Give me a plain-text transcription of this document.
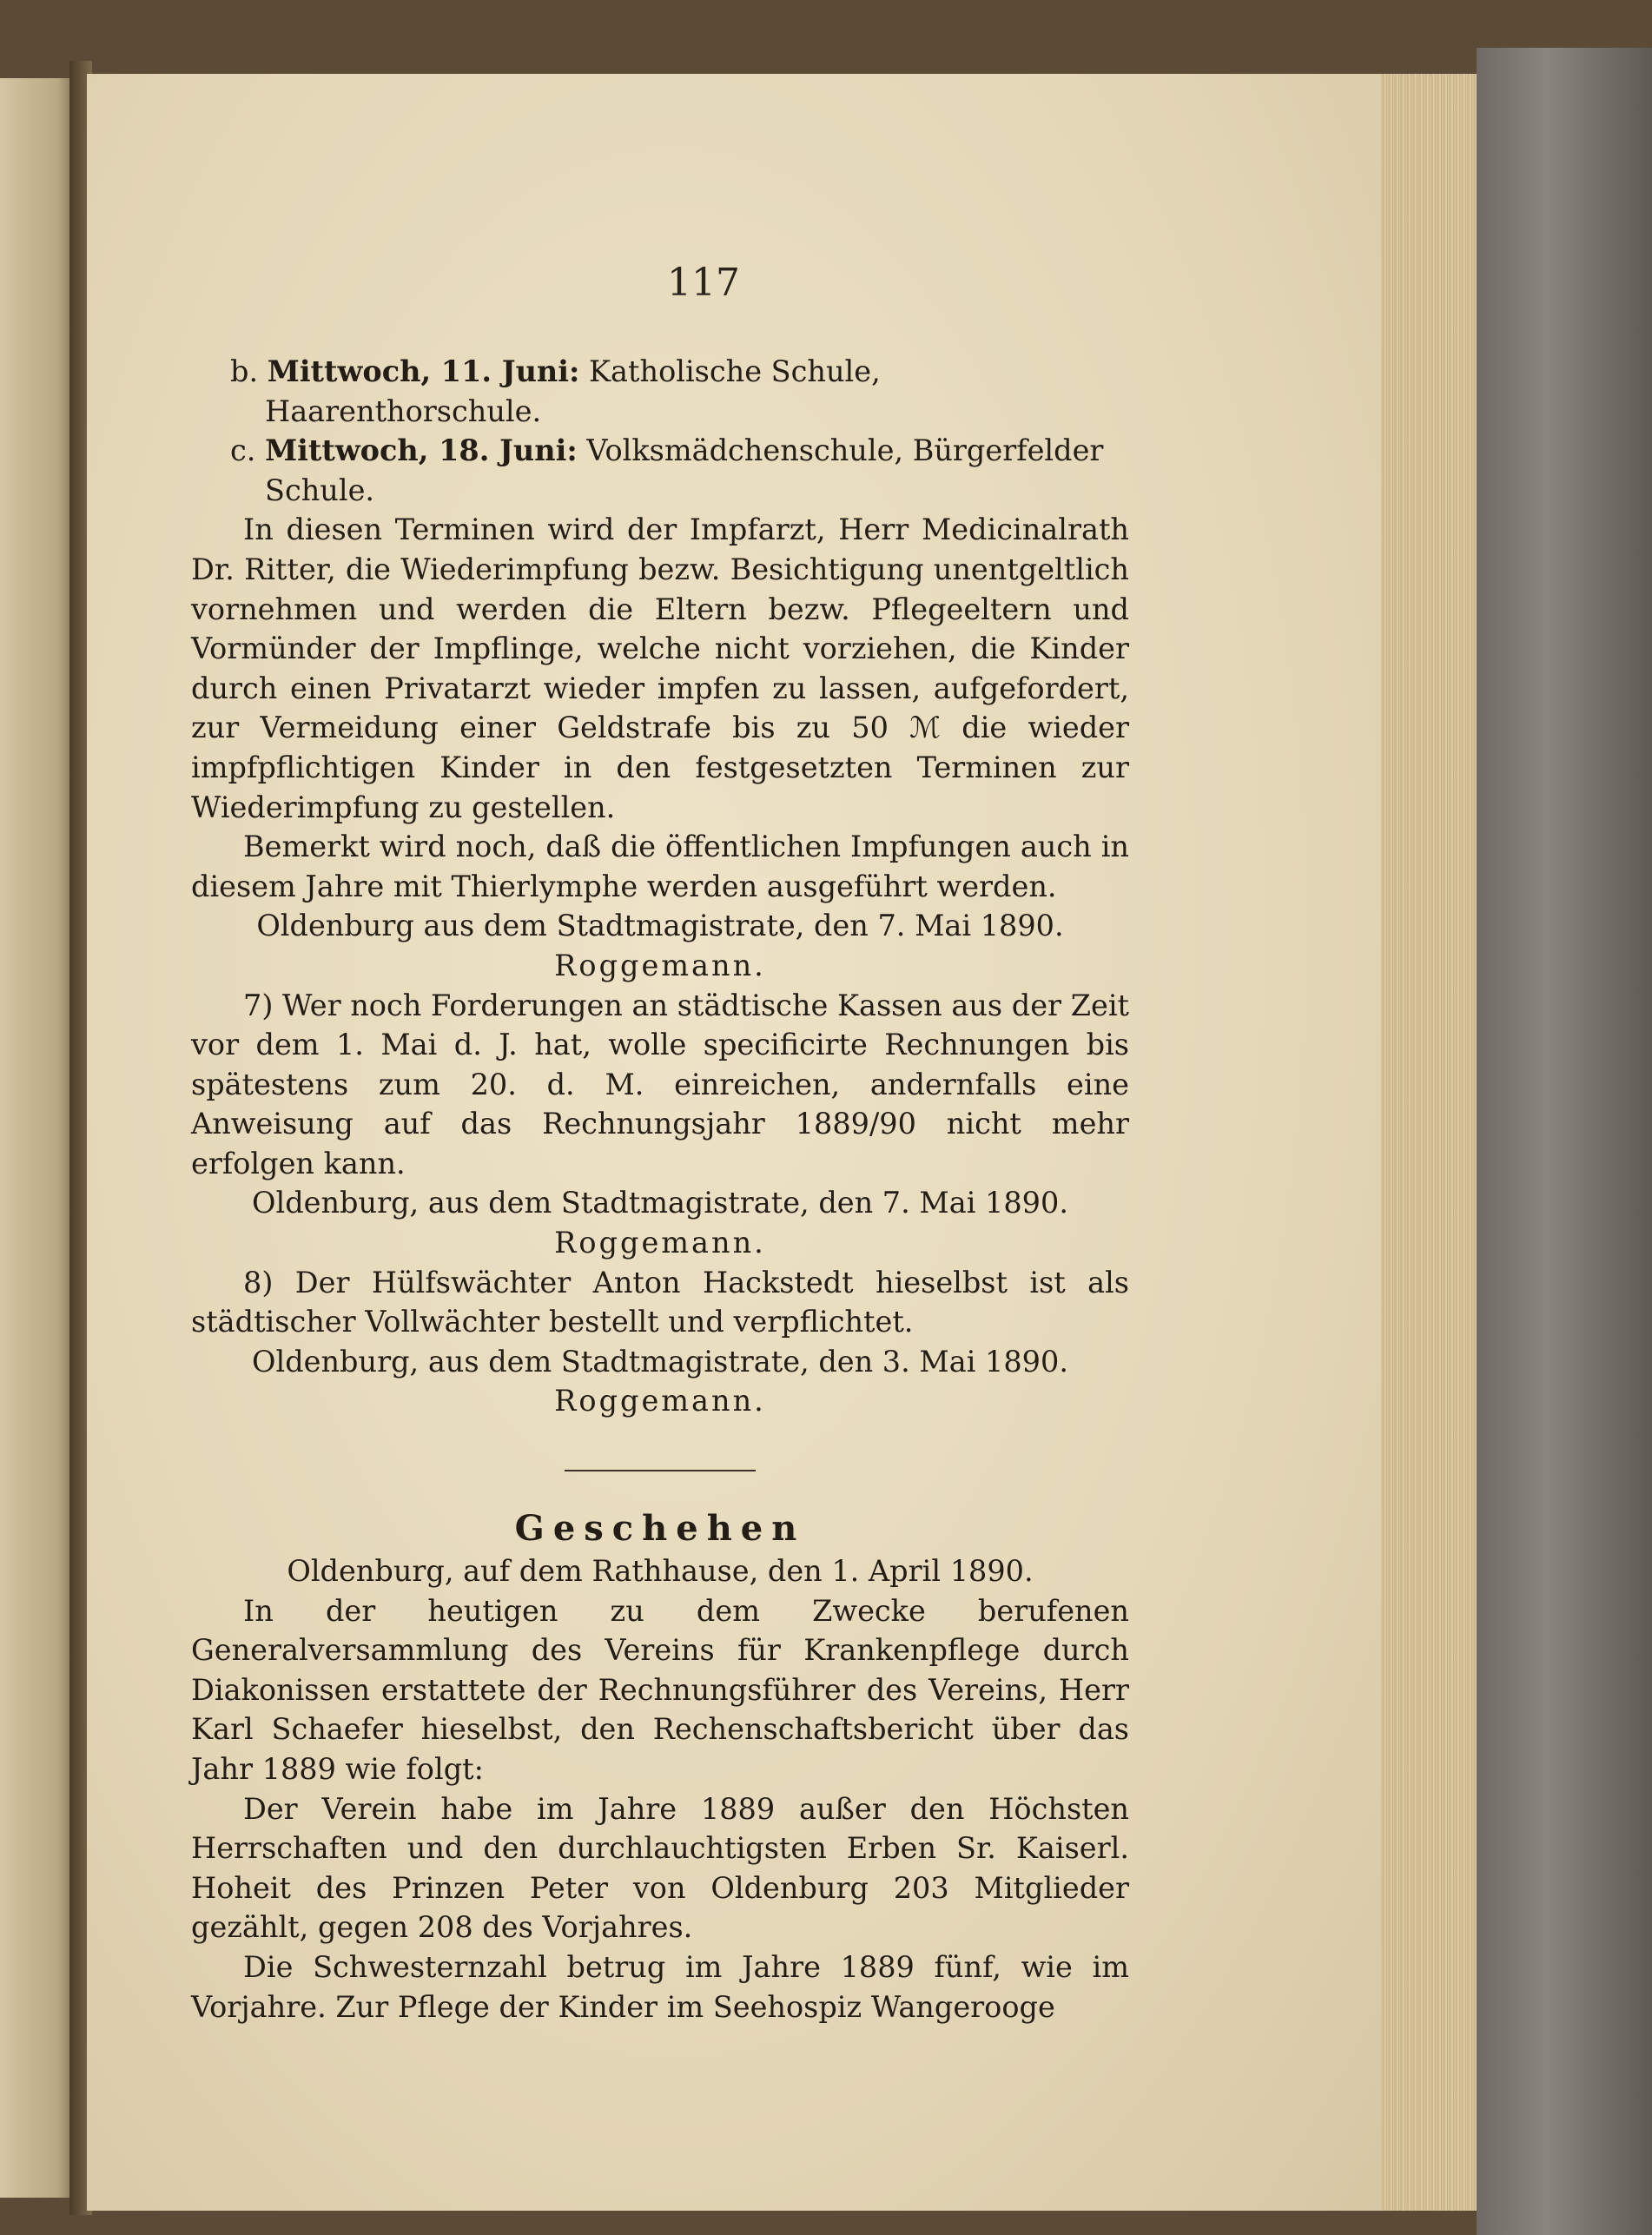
117

b. Mittwoch, 11. Juni: Katholische Schule, Haarenthorschule.

c. Mittwoch, 18. Juni: Volksmädchenschule, Bürgerfelder Schule.

In diesen Terminen wird der Impfarzt, Herr Medicinalrath Dr. Ritter, die Wiederimpfung bezw. Besichtigung unentgeltlich vornehmen und werden die Eltern bezw. Pflegeeltern und Vormünder der Impflinge, welche nicht vorziehen, die Kinder durch einen Privatarzt wieder impfen zu lassen, aufgefordert, zur Vermeidung einer Geldstrafe bis zu 50 ℳ die wieder impfpflichtigen Kinder in den festgesetzten Terminen zur Wiederimpfung zu gestellen.

Bemerkt wird noch, daß die öffentlichen Impfungen auch in diesem Jahre mit Thierlymphe werden ausgeführt werden.

Oldenburg aus dem Stadtmagistrate, den 7. Mai 1890.

Roggemann.

7) Wer noch Forderungen an städtische Kassen aus der Zeit vor dem 1. Mai d. J. hat, wolle specificirte Rechnungen bis spätestens zum 20. d. M. einreichen, andernfalls eine Anweisung auf das Rechnungsjahr 1889/90 nicht mehr erfolgen kann.

Oldenburg, aus dem Stadtmagistrate, den 7. Mai 1890.

Roggemann.

8) Der Hülfswächter Anton Hackstedt hieselbst ist als städtischer Vollwächter bestellt und verpflichtet.

Oldenburg, aus dem Stadtmagistrate, den 3. Mai 1890.

Roggemann.

Geschehen

Oldenburg, auf dem Rathhause, den 1. April 1890.

In der heutigen zu dem Zwecke berufenen Generalversammlung des Vereins für Krankenpflege durch Diakonissen erstattete der Rechnungsführer des Vereins, Herr Karl Schaefer hieselbst, den Rechenschaftsbericht über das Jahr 1889 wie folgt:

Der Verein habe im Jahre 1889 außer den Höchsten Herrschaften und den durchlauchtigsten Erben Sr. Kaiserl. Hoheit des Prinzen Peter von Oldenburg 203 Mitglieder gezählt, gegen 208 des Vorjahres.

Die Schwesternzahl betrug im Jahre 1889 fünf, wie im Vorjahre. Zur Pflege der Kinder im Seehospiz Wangerooge
